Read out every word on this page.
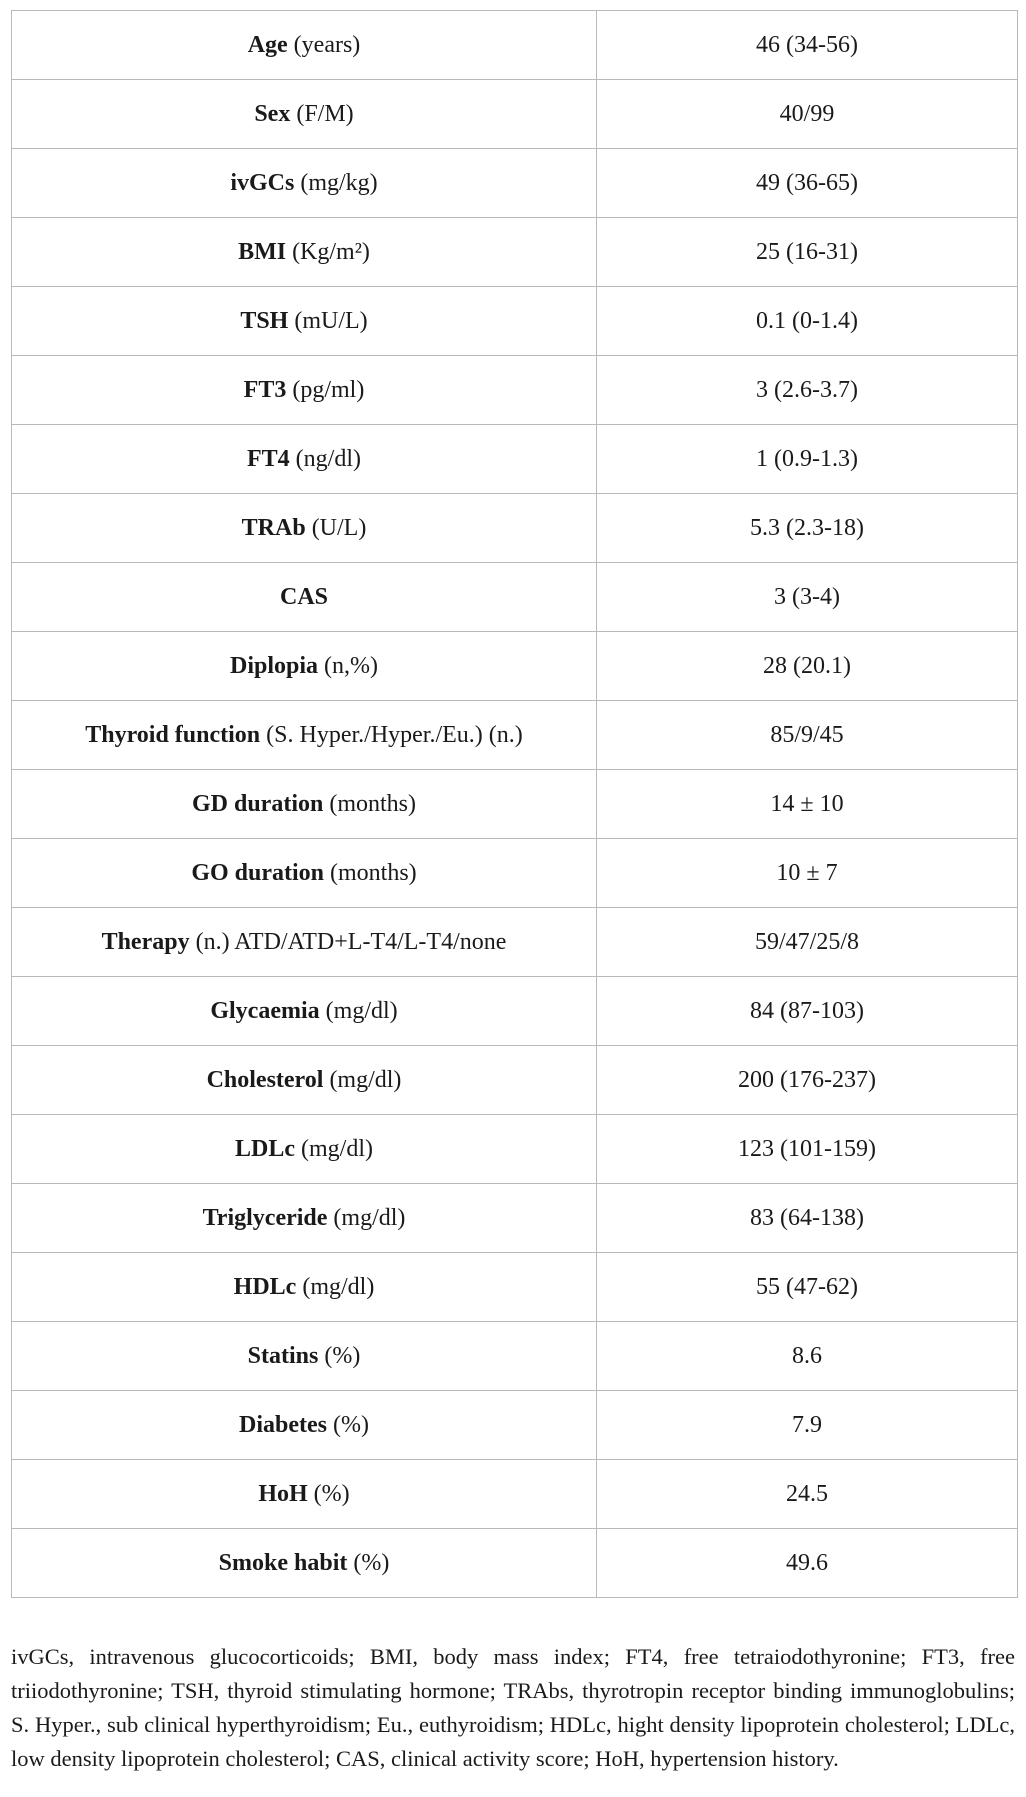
Age (years)	46 (34-56)
Sex (F/M)	40/99
ivGCs (mg/kg)	49 (36-65)
BMI (Kg/m²)	25 (16-31)
TSH (mU/L)	0.1 (0-1.4)
FT3 (pg/ml)	3 (2.6-3.7)
FT4 (ng/dl)	1 (0.9-1.3)
TRAb (U/L)	5.3 (2.3-18)
CAS	3 (3-4)
Diplopia (n,%)	28 (20.1)
Thyroid function (S. Hyper./Hyper./Eu.) (n.)	85/9/45
GD duration (months)	14 ± 10
GO duration (months)	10 ± 7
Therapy (n.) ATD/ATD+L-T4/L-T4/none	59/47/25/8
Glycaemia (mg/dl)	84 (87-103)
Cholesterol (mg/dl)	200 (176-237)
LDLc (mg/dl)	123 (101-159)
Triglyceride (mg/dl)	83 (64-138)
HDLc (mg/dl)	55 (47-62)
Statins (%)	8.6
Diabetes (%)	7.9
HoH (%)	24.5
Smoke habit (%)	49.6

ivGCs, intravenous glucocorticoids; BMI, body mass index; FT4, free tetraiodothyronine; FT3, free triiodothyronine; TSH, thyroid stimulating hormone; TRAbs, thyrotropin receptor binding immunoglobulins; S. Hyper., sub clinical hyperthyroidism; Eu., euthyroidism; HDLc, hight density lipoprotein cholesterol; LDLc, low density lipoprotein cholesterol; CAS, clinical activity score; HoH, hypertension history.
